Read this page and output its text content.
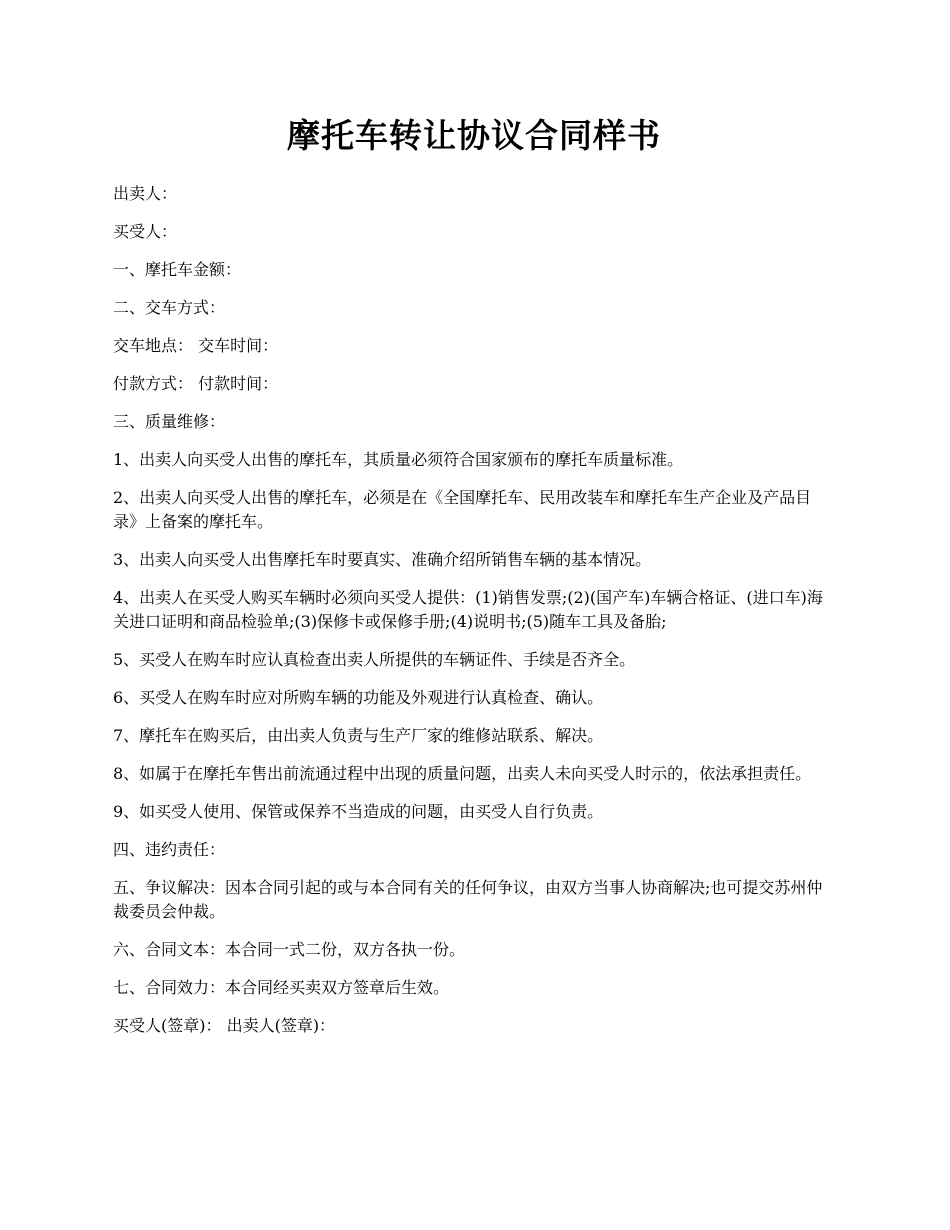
摩托车转让协议合同样书

出卖人：

买受人：

一、摩托车金额：

二、交车方式：

交车地点： 交车时间：

付款方式： 付款时间：

三、质量维修：

1、出卖人向买受人出售的摩托车，其质量必须符合国家颁布的摩托车质量标准。

2、出卖人向买受人出售的摩托车，必须是在《全国摩托车、民用改装车和摩托车生产企业及产品目录》上备案的摩托车。

3、出卖人向买受人出售摩托车时要真实、准确介绍所销售车辆的基本情况。

4、出卖人在买受人购买车辆时必须向买受人提供：(1)销售发票;(2)(国产车)车辆合格证、(进口车)海关进口证明和商品检验单;(3)保修卡或保修手册;(4)说明书;(5)随车工具及备胎;

5、买受人在购车时应认真检查出卖人所提供的车辆证件、手续是否齐全。

6、买受人在购车时应对所购车辆的功能及外观进行认真检查、确认。

7、摩托车在购买后，由出卖人负责与生产厂家的维修站联系、解决。

8、如属于在摩托车售出前流通过程中出现的质量问题，出卖人未向买受人时示的，依法承担责任。

9、如买受人使用、保管或保养不当造成的问题，由买受人自行负责。

四、违约责任：

五、争议解决：因本合同引起的或与本合同有关的任何争议，由双方当事人协商解决;也可提交苏州仲裁委员会仲裁。

六、合同文本：本合同一式二份，双方各执一份。

七、合同效力：本合同经买卖双方签章后生效。

买受人(签章)： 出卖人(签章)：
